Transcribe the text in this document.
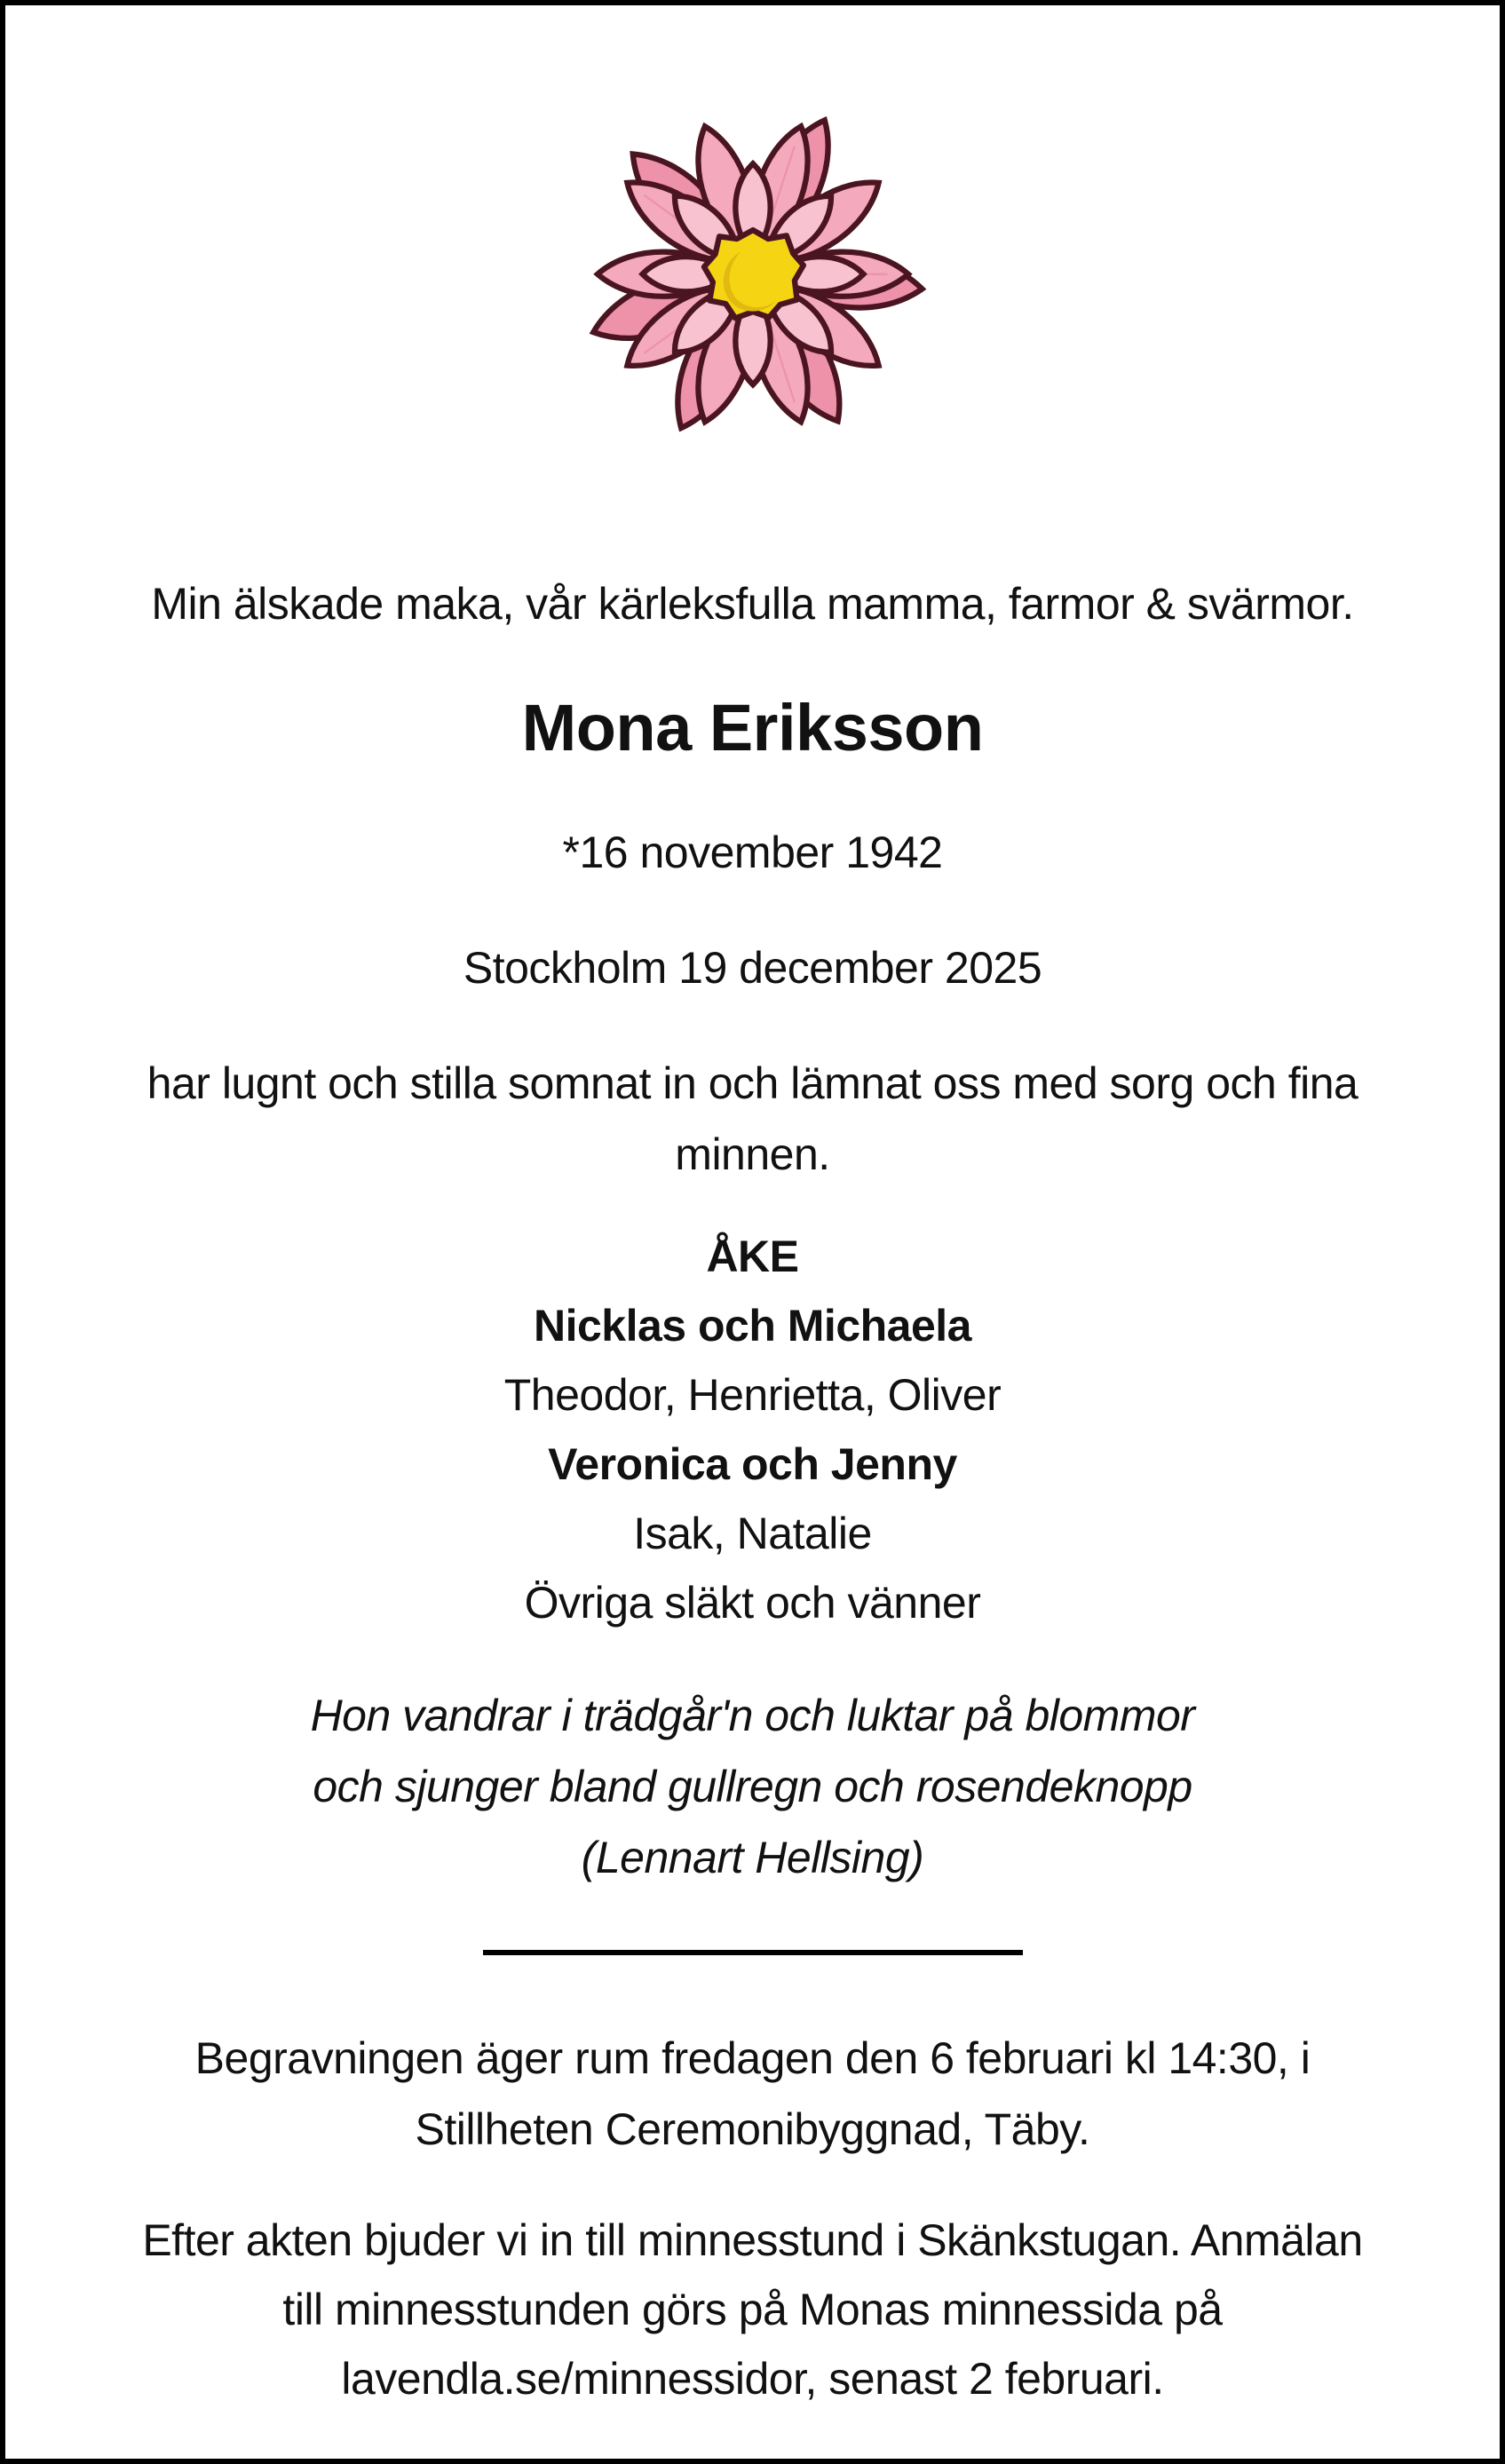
Min älskade maka, vår kärleksfulla mamma, farmor & svärmor.
Mona Eriksson
*16 november 1942
Stockholm 19 december 2025
har lugnt och stilla somnat in och lämnat oss med sorg och fina
minnen.
ÅKE
Nicklas och Michaela
Theodor, Henrietta, Oliver
Veronica och Jenny
Isak, Natalie
Övriga släkt och vänner
Hon vandrar i trädgår'n och luktar på blommor
och sjunger bland gullregn och rosendeknopp
(Lennart Hellsing)
Begravningen äger rum fredagen den 6 februari kl 14:30, i
Stillheten Ceremonibyggnad, Täby.
Efter akten bjuder vi in till minnesstund i Skänkstugan. Anmälan
till minnesstunden görs på Monas minnessida på
lavendla.se/minnessidor, senast 2 februari.
